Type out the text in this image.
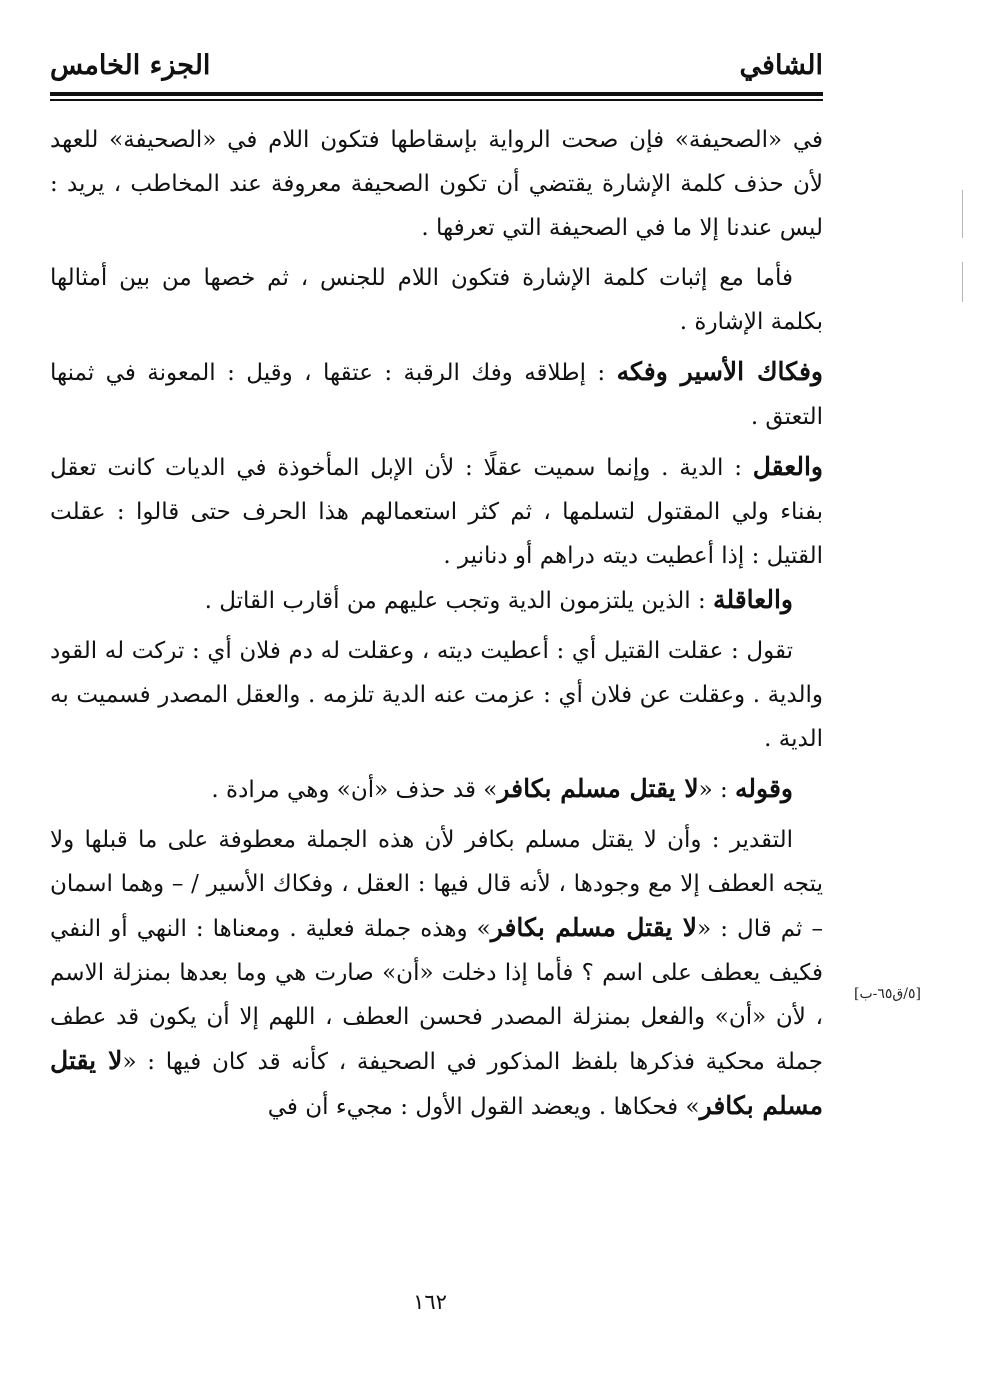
الشافي
الجزء الخامس

في «الصحيفة» فإن صحت الرواية بإسقاطها فتكون اللام في «الصحيفة» للعهد لأن حذف كلمة الإشارة يقتضي أن تكون الصحيفة معروفة عند المخاطب ، يريد : ليس عندنا إلا ما في الصحيفة التي تعرفها .

فأما مع إثبات كلمة الإشارة فتكون اللام للجنس ، ثم خصها من بين أمثالها بكلمة الإشارة .

وفكاك الأسير وفكه : إطلاقه وفك الرقبة : عتقها ، وقيل : المعونة في ثمنها التعتق .

والعقل : الدية . وإنما سميت عقلًا : لأن الإبل المأخوذة في الديات كانت تعقل بفناء ولي المقتول لتسلمها ، ثم كثر استعمالهم هذا الحرف حتى قالوا : عقلت القتيل : إذا أعطيت ديته دراهم أو دنانير .

والعاقلة : الذين يلتزمون الدية وتجب عليهم من أقارب القاتل .

تقول : عقلت القتيل أي : أعطيت ديته ، وعقلت له دم فلان أي : تركت له القود والدية . وعقلت عن فلان أي : عزمت عنه الدية تلزمه . والعقل المصدر فسميت به الدية .

وقوله : «لا يقتل مسلم بكافر» قد حذف «أن» وهي مرادة .

التقدير : وأن لا يقتل مسلم بكافر لأن هذه الجملة معطوفة على ما قبلها ولا يتجه العطف إلا مع وجودها ، لأنه قال فيها : العقل ، وفكاك الأسير / – وهما اسمان – ثم قال : «لا يقتل مسلم بكافر» وهذه جملة فعلية . ومعناها : النهي أو النفي فكيف يعطف على اسم ؟ فأما إذا دخلت «أن» صارت هي وما بعدها بمنزلة الاسم ، لأن «أن» والفعل بمنزلة المصدر فحسن العطف ، اللهم إلا أن يكون قد عطف جملة محكية فذكرها بلفظ المذكور في الصحيفة ، كأنه قد كان فيها : «لا يقتل مسلم بكافر» فحكاها . ويعضد القول الأول : مجيء أن في

[٥/ق٦٥-ب]
١٦٢
